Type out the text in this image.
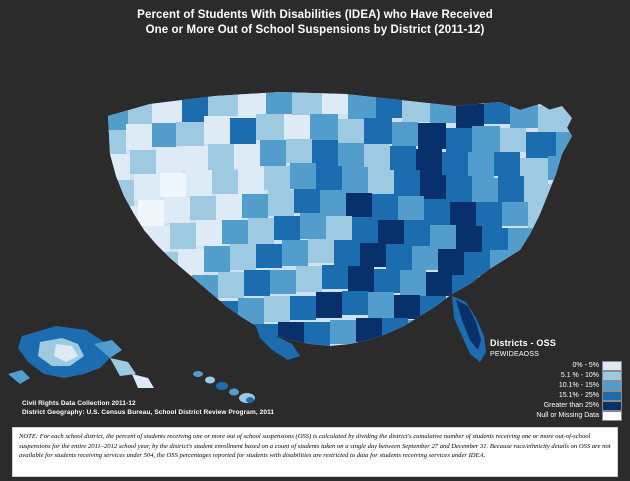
Percent of Students With Disabilities (IDEA) who Have Received
One or More Out of School Suspensions by District (2011-12)
Civil Rights Data Collection 2011-12
District Geography: U.S. Census Bureau, School District Review Program, 2011
Districts - OSS
PEWIDEAOSS
0% - 5%
5.1 % - 10%
10.1% - 15%
15.1% - 25%
Greater than 25%
Null or Missing Data

NOTE: For each school district, the percent of students receiving one or more out of school suspensions (OSS) is calculated by dividing the district's cumulative number of students receiving one or more out-of-school suspensions for the entire 2011–2012 school year, by the district's student enrollment based on a count of students taken on a single day between September 27 and December 31. Because race/ethnicity details on OSS are not available for students receiving services under 504, the OSS percentages reported for students with disabilities are restricted to data for students receiving services under IDEA.
